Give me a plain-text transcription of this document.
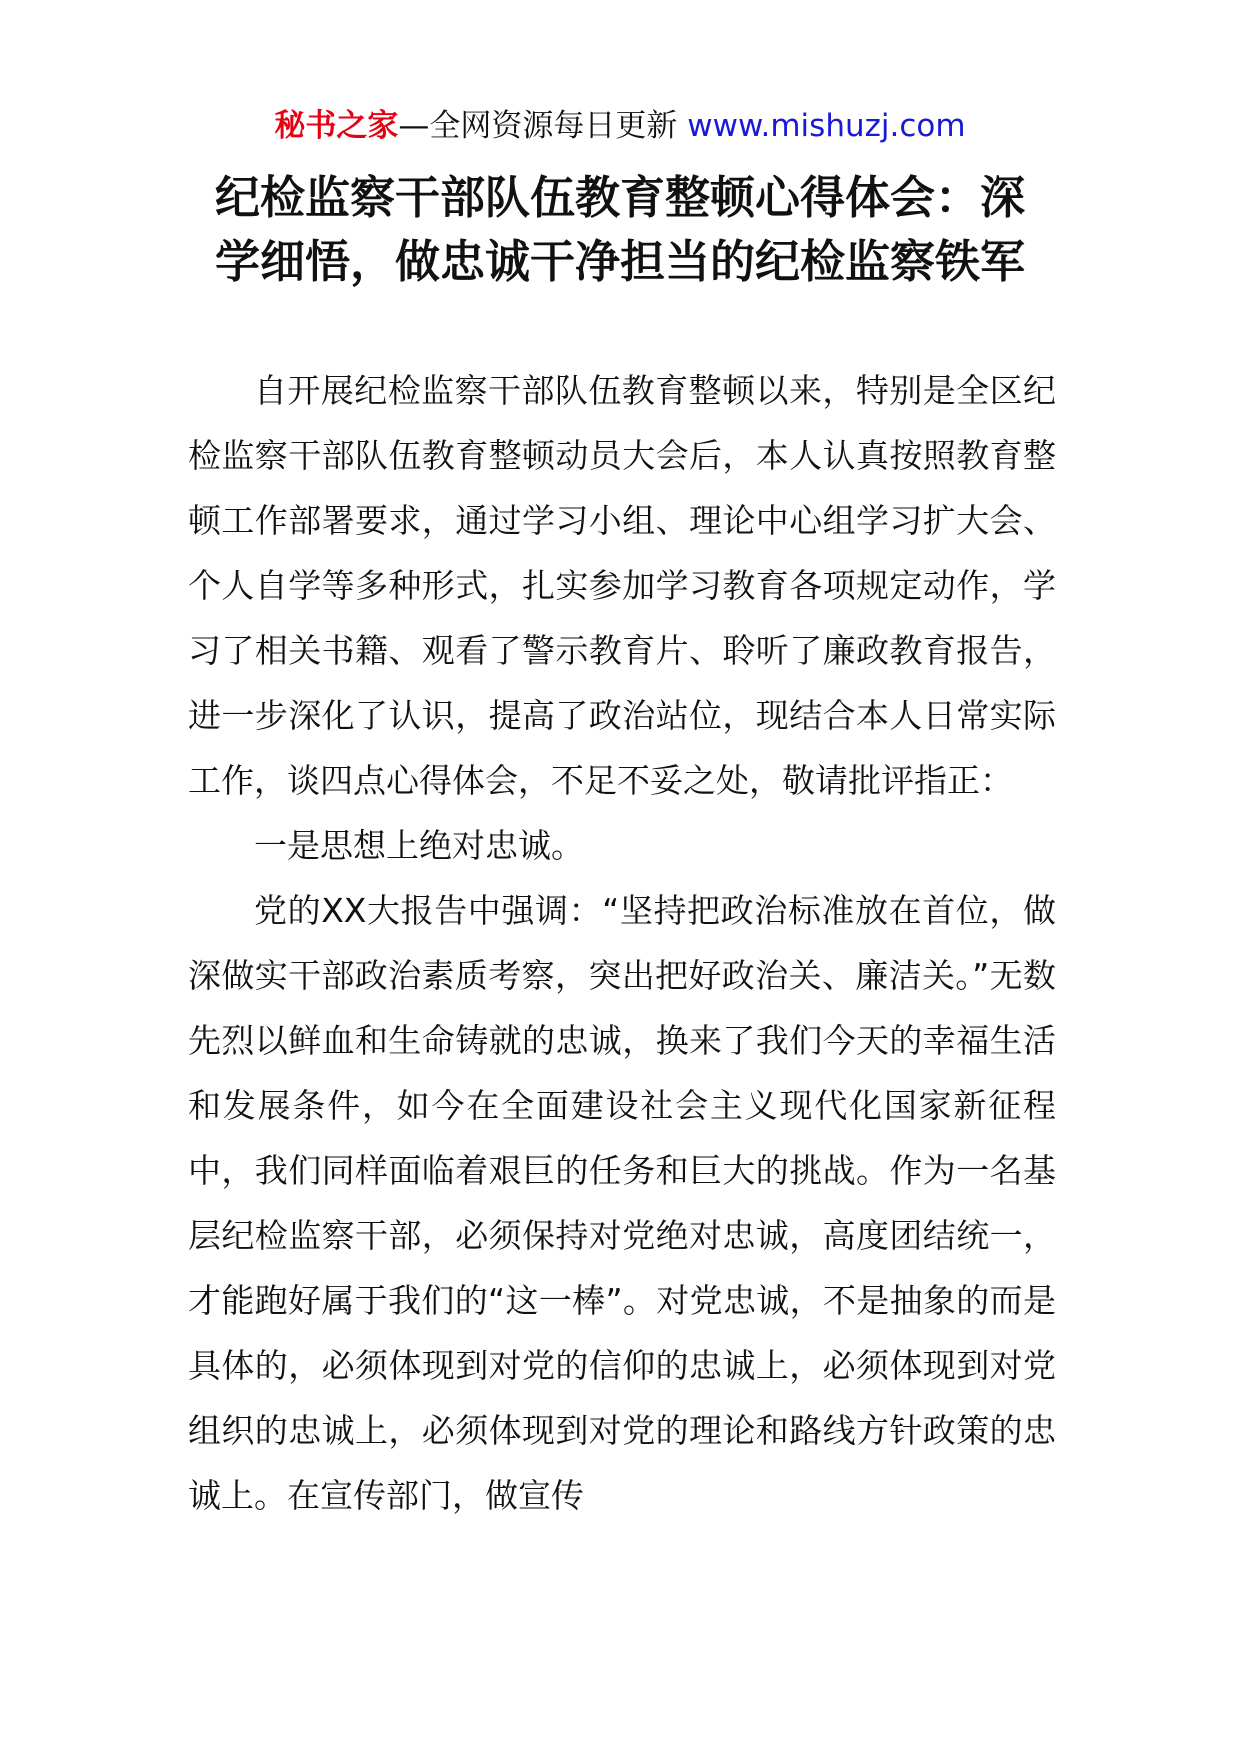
秘书之家—全网资源每日更新 www.mishuzj.com
纪检监察干部队伍教育整顿心得体会：深
学细悟，做忠诚干净担当的纪检监察铁军

自开展纪检监察干部队伍教育整顿以来，特别是全区纪检监察干部队伍教育整顿动员大会后，本人认真按照教育整顿工作部署要求，通过学习小组、理论中心组学习扩大会、个人自学等多种形式，扎实参加学习教育各项规定动作，学习了相关书籍、观看了警示教育片、聆听了廉政教育报告，进一步深化了认识，提高了政治站位，现结合本人日常实际工作，谈四点心得体会，不足不妥之处，敬请批评指正：

一是思想上绝对忠诚。

党的XX大报告中强调：“坚持把政治标准放在首位，做深做实干部政治素质考察，突出把好政治关、廉洁关。”无数先烈以鲜血和生命铸就的忠诚，换来了我们今天的幸福生活和发展条件，如今在全面建设社会主义现代化国家新征程中，我们同样面临着艰巨的任务和巨大的挑战。作为一名基层纪检监察干部，必须保持对党绝对忠诚，高度团结统一，才能跑好属于我们的“这一棒”。对党忠诚，不是抽象的而是具体的，必须体现到对党的信仰的忠诚上，必须体现到对党组织的忠诚上，必须体现到对党的理论和路线方针政策的忠诚上。在宣传部门，做宣传
